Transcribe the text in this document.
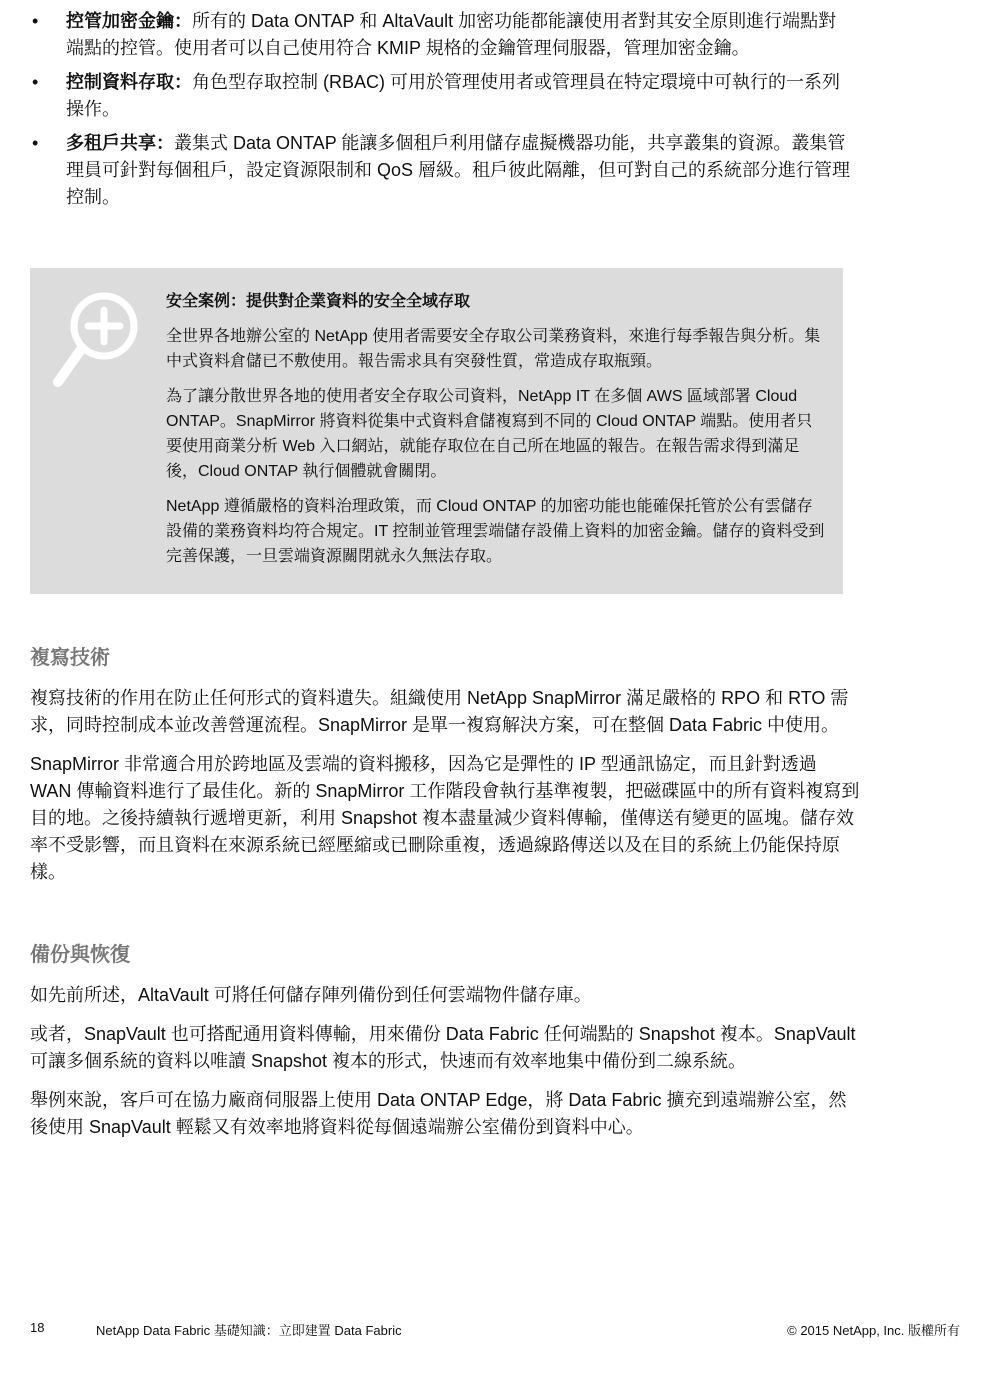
• 控管加密金鑰：所有的 Data ONTAP 和 AltaVault 加密功能都能讓使用者對其安全原則進行端點對端點的控管。使用者可以自己使用符合 KMIP 規格的金鑰管理伺服器，管理加密金鑰。
• 控制資料存取：角色型存取控制 (RBAC) 可用於管理使用者或管理員在特定環境中可執行的一系列操作。
• 多租戶共享：叢集式 Data ONTAP 能讓多個租戶利用儲存虛擬機器功能，共享叢集的資源。叢集管理員可針對每個租戶，設定資源限制和 QoS 層級。租戶彼此隔離，但可對自己的系統部分進行管理控制。
安全案例：提供對企業資料的安全全域存取

全世界各地辦公室的 NetApp 使用者需要安全存取公司業務資料，來進行每季報告與分析。集中式資料倉儲已不敷使用。報告需求具有突發性質，常造成存取瓶頸。

為了讓分散世界各地的使用者安全存取公司資料，NetApp IT 在多個 AWS 區域部署 Cloud ONTAP。SnapMirror 將資料從集中式資料倉儲複寫到不同的 Cloud ONTAP 端點。使用者只要使用商業分析 Web 入口網站，就能存取位在自己所在地區的報告。在報告需求得到滿足後，Cloud ONTAP 執行個體就會關閉。

NetApp 遵循嚴格的資料治理政策，而 Cloud ONTAP 的加密功能也能確保托管於公有雲儲存設備的業務資料均符合規定。IT 控制並管理雲端儲存設備上資料的加密金鑰。儲存的資料受到完善保護，一旦雲端資源關閉就永久無法存取。

複寫技術

複寫技術的作用在防止任何形式的資料遺失。組織使用 NetApp SnapMirror 滿足嚴格的 RPO 和 RTO 需求，同時控制成本並改善營運流程。SnapMirror 是單一複寫解決方案，可在整個 Data Fabric 中使用。

SnapMirror 非常適合用於跨地區及雲端的資料搬移，因為它是彈性的 IP 型通訊協定，而且針對透過 WAN 傳輸資料進行了最佳化。新的 SnapMirror 工作階段會執行基準複製，把磁碟區中的所有資料複寫到目的地。之後持續執行遞增更新，利用 Snapshot 複本盡量減少資料傳輸，僅傳送有變更的區塊。儲存效率不受影響，而且資料在來源系統已經壓縮或已刪除重複，透過線路傳送以及在目的系統上仍能保持原樣。

備份與恢復

如先前所述，AltaVault 可將任何儲存陣列備份到任何雲端物件儲存庫。

或者，SnapVault 也可搭配通用資料傳輸，用來備份 Data Fabric 任何端點的 Snapshot 複本。SnapVault 可讓多個系統的資料以唯讀 Snapshot 複本的形式，快速而有效率地集中備份到二線系統。

舉例來說，客戶可在協力廠商伺服器上使用 Data ONTAP Edge，將 Data Fabric 擴充到遠端辦公室，然後使用 SnapVault 輕鬆又有效率地將資料從每個遠端辦公室備份到資料中心。

18	NetApp Data Fabric 基礎知識：立即建置 Data Fabric	© 2015 NetApp, Inc. 版權所有
